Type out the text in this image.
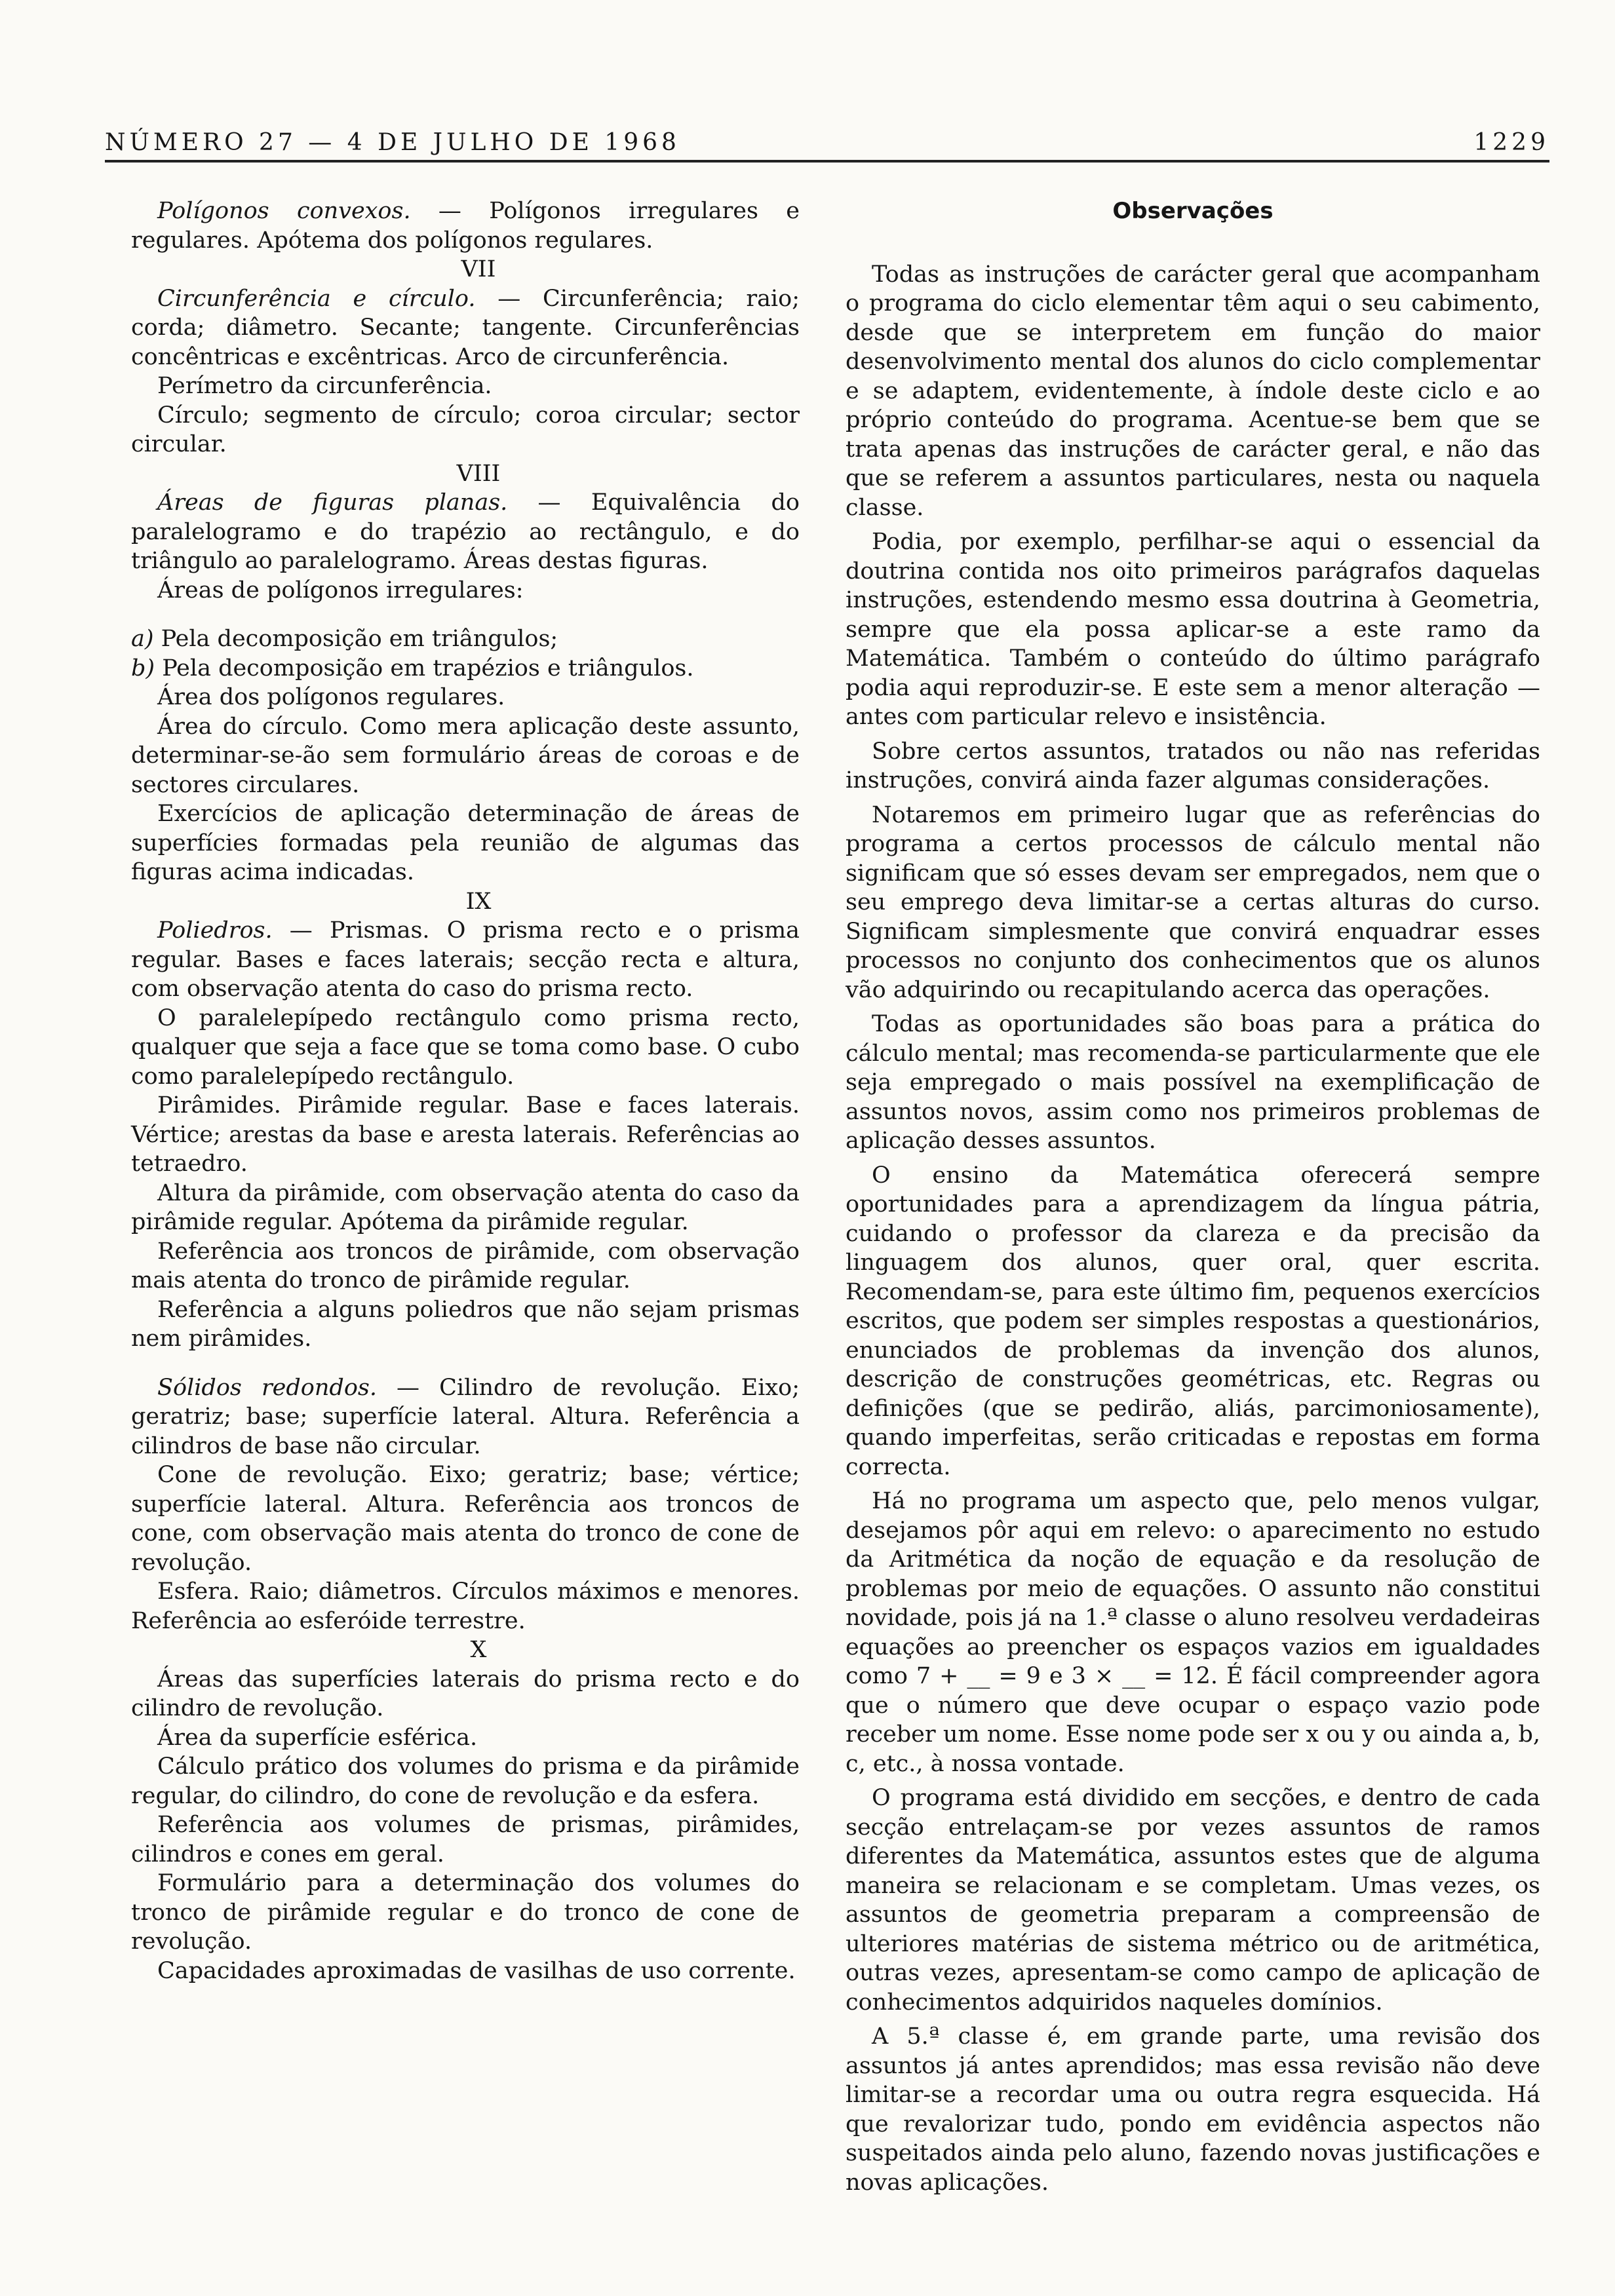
NÚMERO 27 — 4 DE JULHO DE 1968	1229

Polígonos convexos. — Polígonos irregulares e regulares. Apótema dos polígonos regulares.

VII

Circunferência e círculo. — Circunferência; raio; corda; diâmetro. Secante; tangente. Circunferências concêntricas e excêntricas. Arco de circunferência.

Perímetro da circunferência.

Círculo; segmento de círculo; coroa circular; sector circular.

VIII

Áreas de figuras planas. — Equivalência do paralelogramo e do trapézio ao rectângulo, e do triângulo ao paralelogramo. Áreas destas figuras.

Áreas de polígonos irregulares:

a) Pela decomposição em triângulos;

b) Pela decomposição em trapézios e triângulos.

Área dos polígonos regulares.

Área do círculo. Como mera aplicação deste assunto, determinar-se-ão sem formulário áreas de coroas e de sectores circulares.

Exercícios de aplicação determinação de áreas de superfícies formadas pela reunião de algumas das figuras acima indicadas.

IX

Poliedros. — Prismas. O prisma recto e o prisma regular. Bases e faces laterais; secção recta e altura, com observação atenta do caso do prisma recto.

O paralelepípedo rectângulo como prisma recto, qualquer que seja a face que se toma como base. O cubo como paralelepípedo rectângulo.

Pirâmides. Pirâmide regular. Base e faces laterais. Vértice; arestas da base e aresta laterais. Referências ao tetraedro.

Altura da pirâmide, com observação atenta do caso da pirâmide regular. Apótema da pirâmide regular.

Referência aos troncos de pirâmide, com observação mais atenta do tronco de pirâmide regular.

Referência a alguns poliedros que não sejam prismas nem pirâmides.

Sólidos redondos. — Cilindro de revolução. Eixo; geratriz; base; superfície lateral. Altura. Referência a cilindros de base não circular.

Cone de revolução. Eixo; geratriz; base; vértice; superfície lateral. Altura. Referência aos troncos de cone, com observação mais atenta do tronco de cone de revolução.

Esfera. Raio; diâmetros. Círculos máximos e menores. Referência ao esferóide terrestre.

X

Áreas das superfícies laterais do prisma recto e do cilindro de revolução.

Área da superfície esférica.

Cálculo prático dos volumes do prisma e da pirâmide regular, do cilindro, do cone de revolução e da esfera.

Referência aos volumes de prismas, pirâmides, cilindros e cones em geral.

Formulário para a determinação dos volumes do tronco de pirâmide regular e do tronco de cone de revolução.

Capacidades aproximadas de vasilhas de uso corrente.

Observações

Todas as instruções de carácter geral que acompanham o programa do ciclo elementar têm aqui o seu cabimento, desde que se interpretem em função do maior desenvolvimento mental dos alunos do ciclo complementar e se adaptem, evidentemente, à índole deste ciclo e ao próprio conteúdo do programa. Acentue-se bem que se trata apenas das instruções de carácter geral, e não das que se referem a assuntos particulares, nesta ou naquela classe.

Podia, por exemplo, perfilhar-se aqui o essencial da doutrina contida nos oito primeiros parágrafos daquelas instruções, estendendo mesmo essa doutrina à Geometria, sempre que ela possa aplicar-se a este ramo da Matemática. Também o conteúdo do último parágrafo podia aqui reproduzir-se. E este sem a menor alteração — antes com particular relevo e insistência.

Sobre certos assuntos, tratados ou não nas referidas instruções, convirá ainda fazer algumas considerações.

Notaremos em primeiro lugar que as referências do programa a certos processos de cálculo mental não significam que só esses devam ser empregados, nem que o seu emprego deva limitar-se a certas alturas do curso. Significam simplesmente que convirá enquadrar esses processos no conjunto dos conhecimentos que os alunos vão adquirindo ou recapitulando acerca das operações.

Todas as oportunidades são boas para a prática do cálculo mental; mas recomenda-se particularmente que ele seja empregado o mais possível na exemplificação de assuntos novos, assim como nos primeiros problemas de aplicação desses assuntos.

O ensino da Matemática oferecerá sempre oportunidades para a aprendizagem da língua pátria, cuidando o professor da clareza e da precisão da linguagem dos alunos, quer oral, quer escrita. Recomendam-se, para este último fim, pequenos exercícios escritos, que podem ser simples respostas a questionários, enunciados de problemas da invenção dos alunos, descrição de construções geométricas, etc. Regras ou definições (que se pedirão, aliás, parcimoniosamente), quando imperfeitas, serão criticadas e repostas em forma correcta.

Há no programa um aspecto que, pelo menos vulgar, desejamos pôr aqui em relevo: o aparecimento no estudo da Aritmética da noção de equação e da resolução de problemas por meio de equações. O assunto não constitui novidade, pois já na 1.ª classe o aluno resolveu verdadeiras equações ao preencher os espaços vazios em igualdades como 7 + __ = 9 e 3 × __ = 12. É fácil compreender agora que o número que deve ocupar o espaço vazio pode receber um nome. Esse nome pode ser x ou y ou ainda a, b, c, etc., à nossa vontade.

O programa está dividido em secções, e dentro de cada secção entrelaçam-se por vezes assuntos de ramos diferentes da Matemática, assuntos estes que de alguma maneira se relacionam e se completam. Umas vezes, os assuntos de geometria preparam a compreensão de ulteriores matérias de sistema métrico ou de aritmética, outras vezes, apresentam-se como campo de aplicação de conhecimentos adquiridos naqueles domínios.

A 5.ª classe é, em grande parte, uma revisão dos assuntos já antes aprendidos; mas essa revisão não deve limitar-se a recordar uma ou outra regra esquecida. Há que revalorizar tudo, pondo em evidência aspectos não suspeitados ainda pelo aluno, fazendo novas justificações e novas aplicações.
